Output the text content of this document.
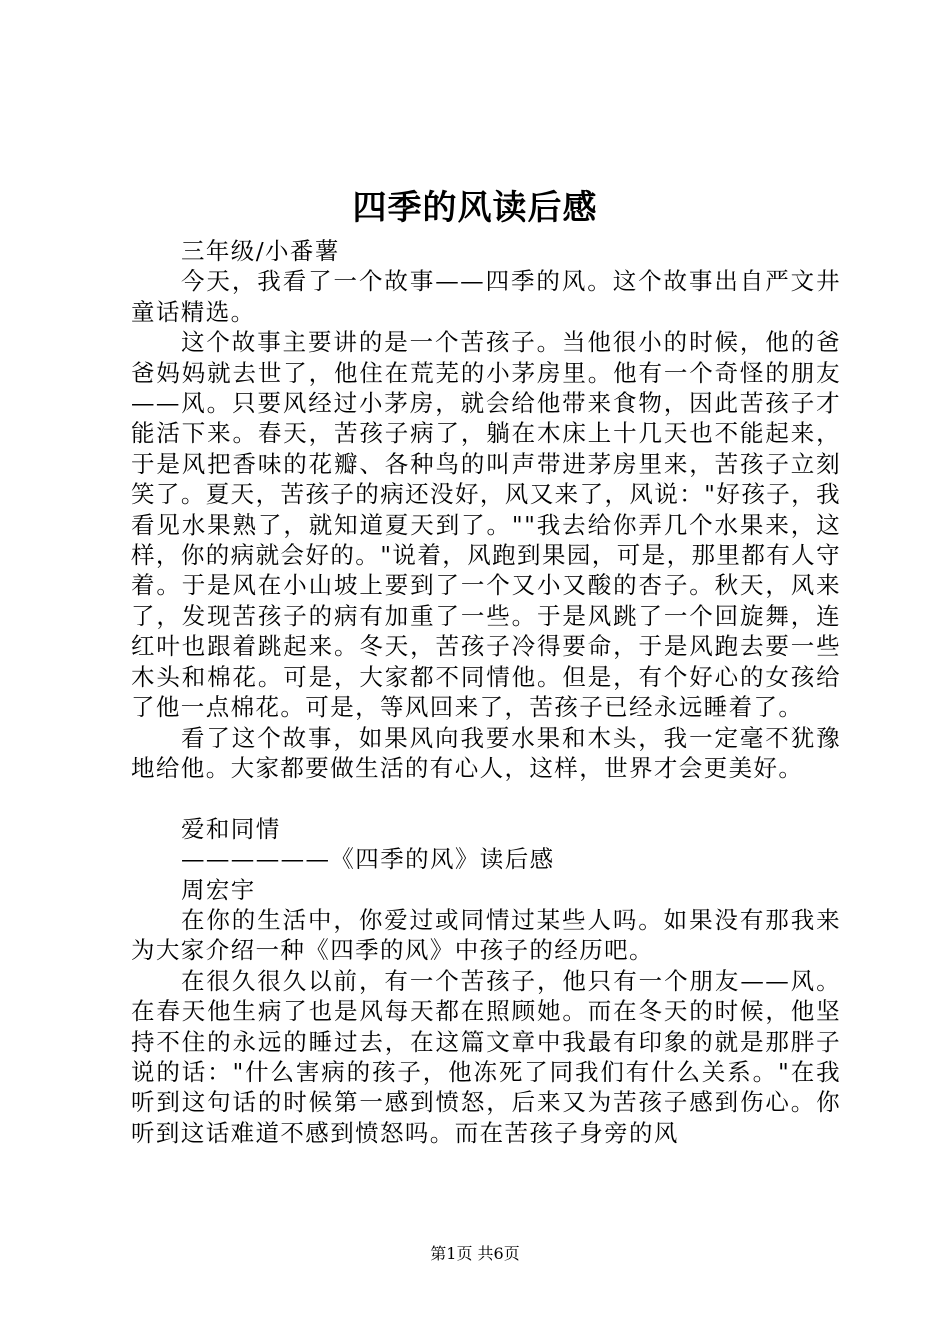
四季的风读后感

三年级/小番薯

今天，我看了一个故事——四季的风。这个故事出自严文井童话精选。

这个故事主要讲的是一个苦孩子。当他很小的时候，他的爸爸妈妈就去世了，他住在荒芜的小茅房里。他有一个奇怪的朋友——风。只要风经过小茅房，就会给他带来食物，因此苦孩子才能活下来。春天，苦孩子病了，躺在木床上十几天也不能起来，于是风把香味的花瓣、各种鸟的叫声带进茅房里来，苦孩子立刻笑了。夏天，苦孩子的病还没好，风又来了，风说："好孩子，我看见水果熟了，就知道夏天到了。""我去给你弄几个水果来，这样，你的病就会好的。"说着，风跑到果园，可是，那里都有人守着。于是风在小山坡上要到了一个又小又酸的杏子。秋天，风来了，发现苦孩子的病有加重了一些。于是风跳了一个回旋舞，连红叶也跟着跳起来。冬天，苦孩子冷得要命，于是风跑去要一些木头和棉花。可是，大家都不同情他。但是，有个好心的女孩给了他一点棉花。可是，等风回来了，苦孩子已经永远睡着了。

看了这个故事，如果风向我要水果和木头，我一定毫不犹豫地给他。大家都要做生活的有心人，这样，世界才会更美好。

爱和同情

——————《四季的风》读后感

周宏宇

在你的生活中，你爱过或同情过某些人吗。如果没有那我来为大家介绍一种《四季的风》中孩子的经历吧。

在很久很久以前，有一个苦孩子，他只有一个朋友——风。在春天他生病了也是风每天都在照顾她。而在冬天的时候，他坚持不住的永远的睡过去，在这篇文章中我最有印象的就是那胖子说的话："什么害病的孩子，他冻死了同我们有什么关系。"在我听到这句话的时候第一感到愤怒，后来又为苦孩子感到伤心。你听到这话难道不感到愤怒吗。而在苦孩子身旁的风

第1页 共6页
